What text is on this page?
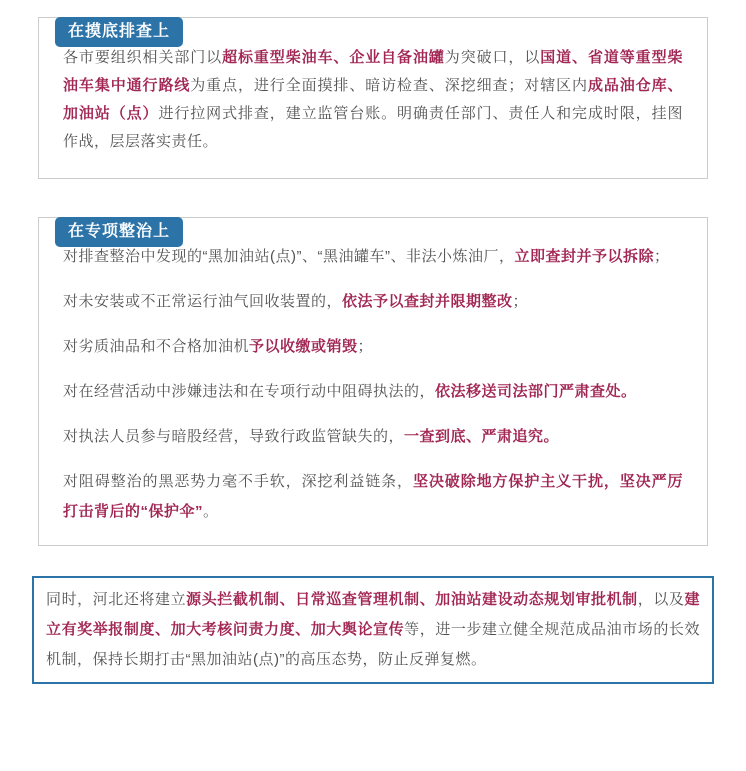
在摸底排查上

各市要组织相关部门以超标重型柴油车、企业自备油罐为突破口，以国道、省道等重型柴油车集中通行路线为重点，进行全面摸排、暗访检查、深挖细查；对辖区内成品油仓库、加油站（点）进行拉网式排查，建立监管台账。明确责任部门、责任人和完成时限，挂图作战，层层落实责任。

在专项整治上

对排查整治中发现的“黑加油站(点)”、“黑油罐车”、非法小炼油厂，立即查封并予以拆除；

对未安装或不正常运行油气回收装置的，依法予以查封并限期整改；

对劣质油品和不合格加油机予以收缴或销毁；

对在经营活动中涉嫌违法和在专项行动中阻碍执法的，依法移送司法部门严肃查处。

对执法人员参与暗股经营，导致行政监管缺失的，一查到底、严肃追究。

对阻碍整治的黑恶势力毫不手软，深挖利益链条，坚决破除地方保护主义干扰，坚决严厉打击背后的“保护伞”。

同时，河北还将建立源头拦截机制、日常巡查管理机制、加油站建设动态规划审批机制，以及建立有奖举报制度、加大考核问责力度、加大舆论宣传等，进一步建立健全规范成品油市场的长效机制，保持长期打击“黑加油站(点)”的高压态势，防止反弹复燃。
